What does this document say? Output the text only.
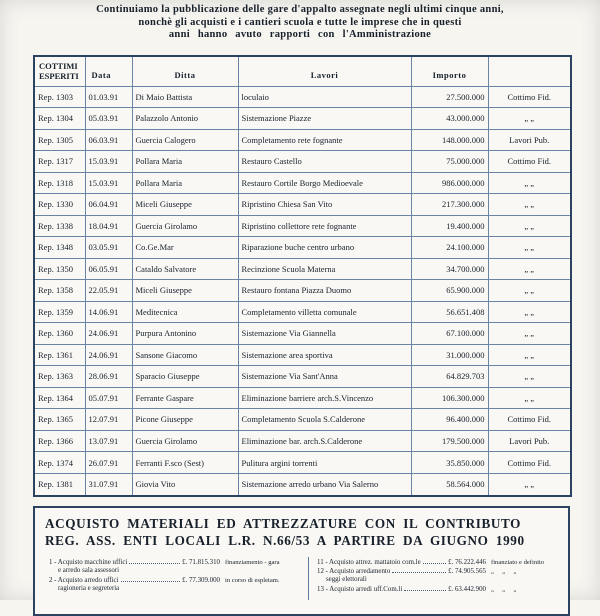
Continuiamo la pubblicazione delle gare d'appalto assegnate negli ultimi cinque anni,
nonchè gli acquisti e i cantieri scuola e tutte le imprese che in questi
anni hanno avuto rapporti con l'Amministrazione
COTTIMI
ESPERITI	Data	Ditta	Lavori	Importo	
Rep. 1303	01.03.91	Di Maio Battista	loculaio	27.500.000	Cottimo Fid.
Rep. 1304	05.03.91	Palazzolo Antonio	Sistemazione Piazze	43.000.000	„ „
Rep. 1305	06.03.91	Guercia Calogero	Completamento rete fognante	148.000.000	Lavori Pub.
Rep. 1317	15.03.91	Pollara Maria	Restauro Castello	75.000.000	Cottimo Fid.
Rep. 1318	15.03.91	Pollara Maria	Restauro Cortile Borgo Medioevale	986.000.000	„ „
Rep. 1330	06.04.91	Miceli Giuseppe	Ripristino Chiesa San Vito	217.300.000	„ „
Rep. 1338	18.04.91	Guercia Girolamo	Ripristino collettore rete fognante	19.400.000	„ „
Rep. 1348	03.05.91	Co.Ge.Mar	Riparazione buche centro urbano	24.100.000	„ „
Rep. 1350	06.05.91	Cataldo Salvatore	Recinzione Scuola Materna	34.700.000	„ „
Rep. 1358	22.05.91	Miceli Giuseppe	Restauro fontana Piazza Duomo	65.900.000	„ „
Rep. 1359	14.06.91	Meditecnica	Completamento villetta comunale	56.651.408	„ „
Rep. 1360	24.06.91	Purpura Antonino	Sistemazione Via Giannella	67.100.000	„ „
Rep. 1361	24.06.91	Sansone Giacomo	Sistemazione area sportiva	31.000.000	„ „
Rep. 1363	28.06.91	Sparacio Giuseppe	Sistemazione Via Sant'Anna	64.829.703	„ „
Rep. 1364	05.07.91	Ferrante Gaspare	Eliminazione barriere arch.S.Vincenzo	106.300.000	„ „
Rep. 1365	12.07.91	Picone Giuseppe	Completamento Scuola S.Calderone	96.400.000	Cottimo Fid.
Rep. 1366	13.07.91	Guercia Girolamo	Eliminazione bar. arch.S.Calderone	179.500.000	Lavori Pub.
Rep. 1374	26.07.91	Ferranti F.sco (Sest)	Pulitura argini torrenti	35.850.000	Cottimo Fid.
Rep. 1381	31.07.91	Giovia Vito	Sistemazione arredo urbano Via Salerno	58.564.000	„ „
ACQUISTO MATERIALI ED ATTREZZATURE CON IL CONTRIBUTO
REG. ASS. ENTI LOCALI L.R. N.66/53 A PARTIRE DA GIUGNO 1990
1 - Acquisto macchine uffici	£. 71.815.310 finanziamento - gara
e arredo sala assessori
2 - Acquisto arredo uffici	£. 77.309.000 in corso di espletam.
ragioneria e segreteria
11 - Acquisto attrez. mattatoio com.le	£. 76.222.446 finanziato e definito
12 - Acquisto arredamento	£. 74.905.565 „     „     „
seggi elettorali
13 - Acquisto arredi uff.Com.li	£. 63.442.900 „     „     „
